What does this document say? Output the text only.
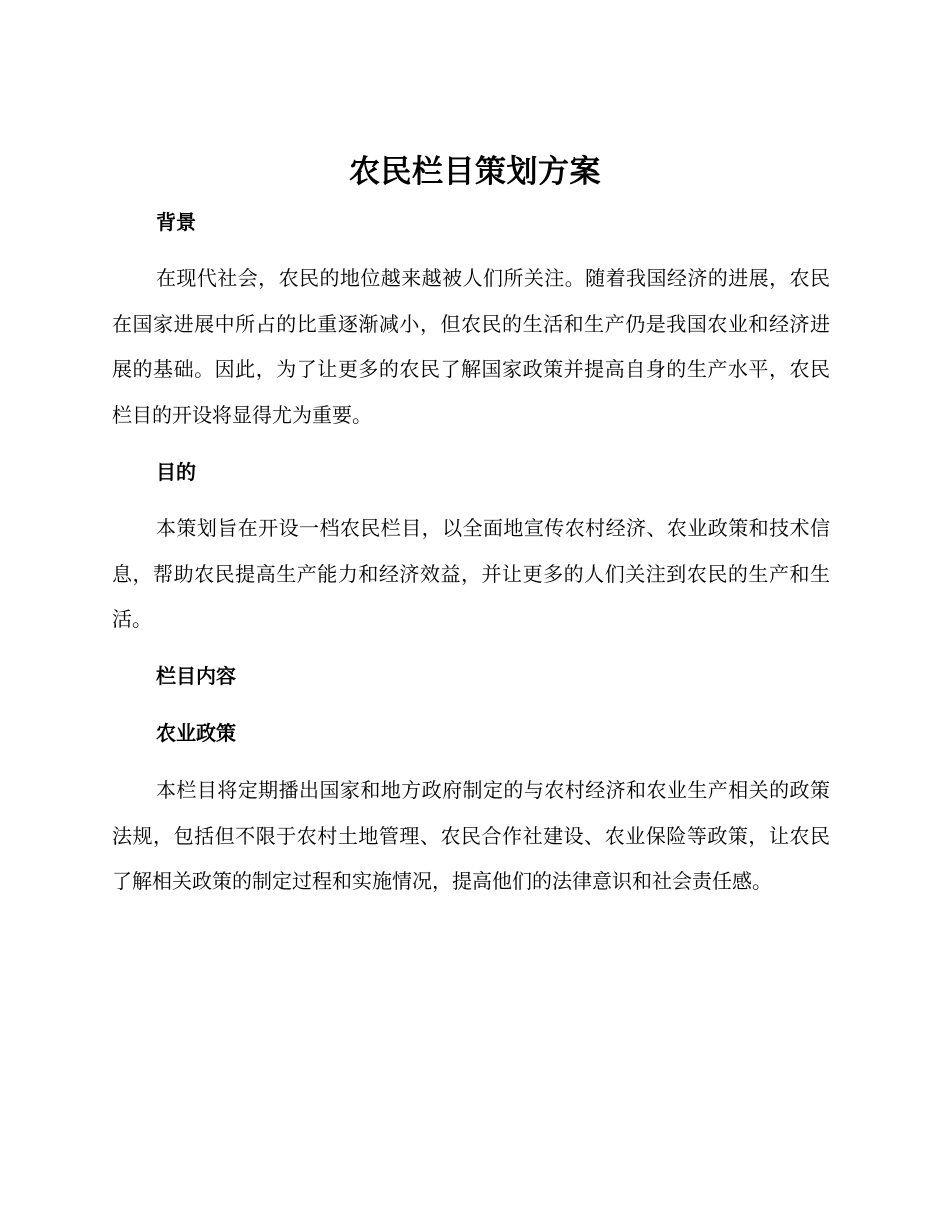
农民栏目策划方案
背景

在现代社会，农民的地位越来越被人们所关注。随着我国经济的进展，农民在国家进展中所占的比重逐渐减小，但农民的生活和生产仍是我国农业和经济进展的基础。因此，为了让更多的农民了解国家政策并提高自身的生产水平，农民栏目的开设将显得尤为重要。

目的

本策划旨在开设一档农民栏目，以全面地宣传农村经济、农业政策和技术信息，帮助农民提高生产能力和经济效益，并让更多的人们关注到农民的生产和生活。

栏目内容
农业政策

本栏目将定期播出国家和地方政府制定的与农村经济和农业生产相关的政策法规，包括但不限于农村土地管理、农民合作社建设、农业保险等政策，让农民了解相关政策的制定过程和实施情况，提高他们的法律意识和社会责任感。
